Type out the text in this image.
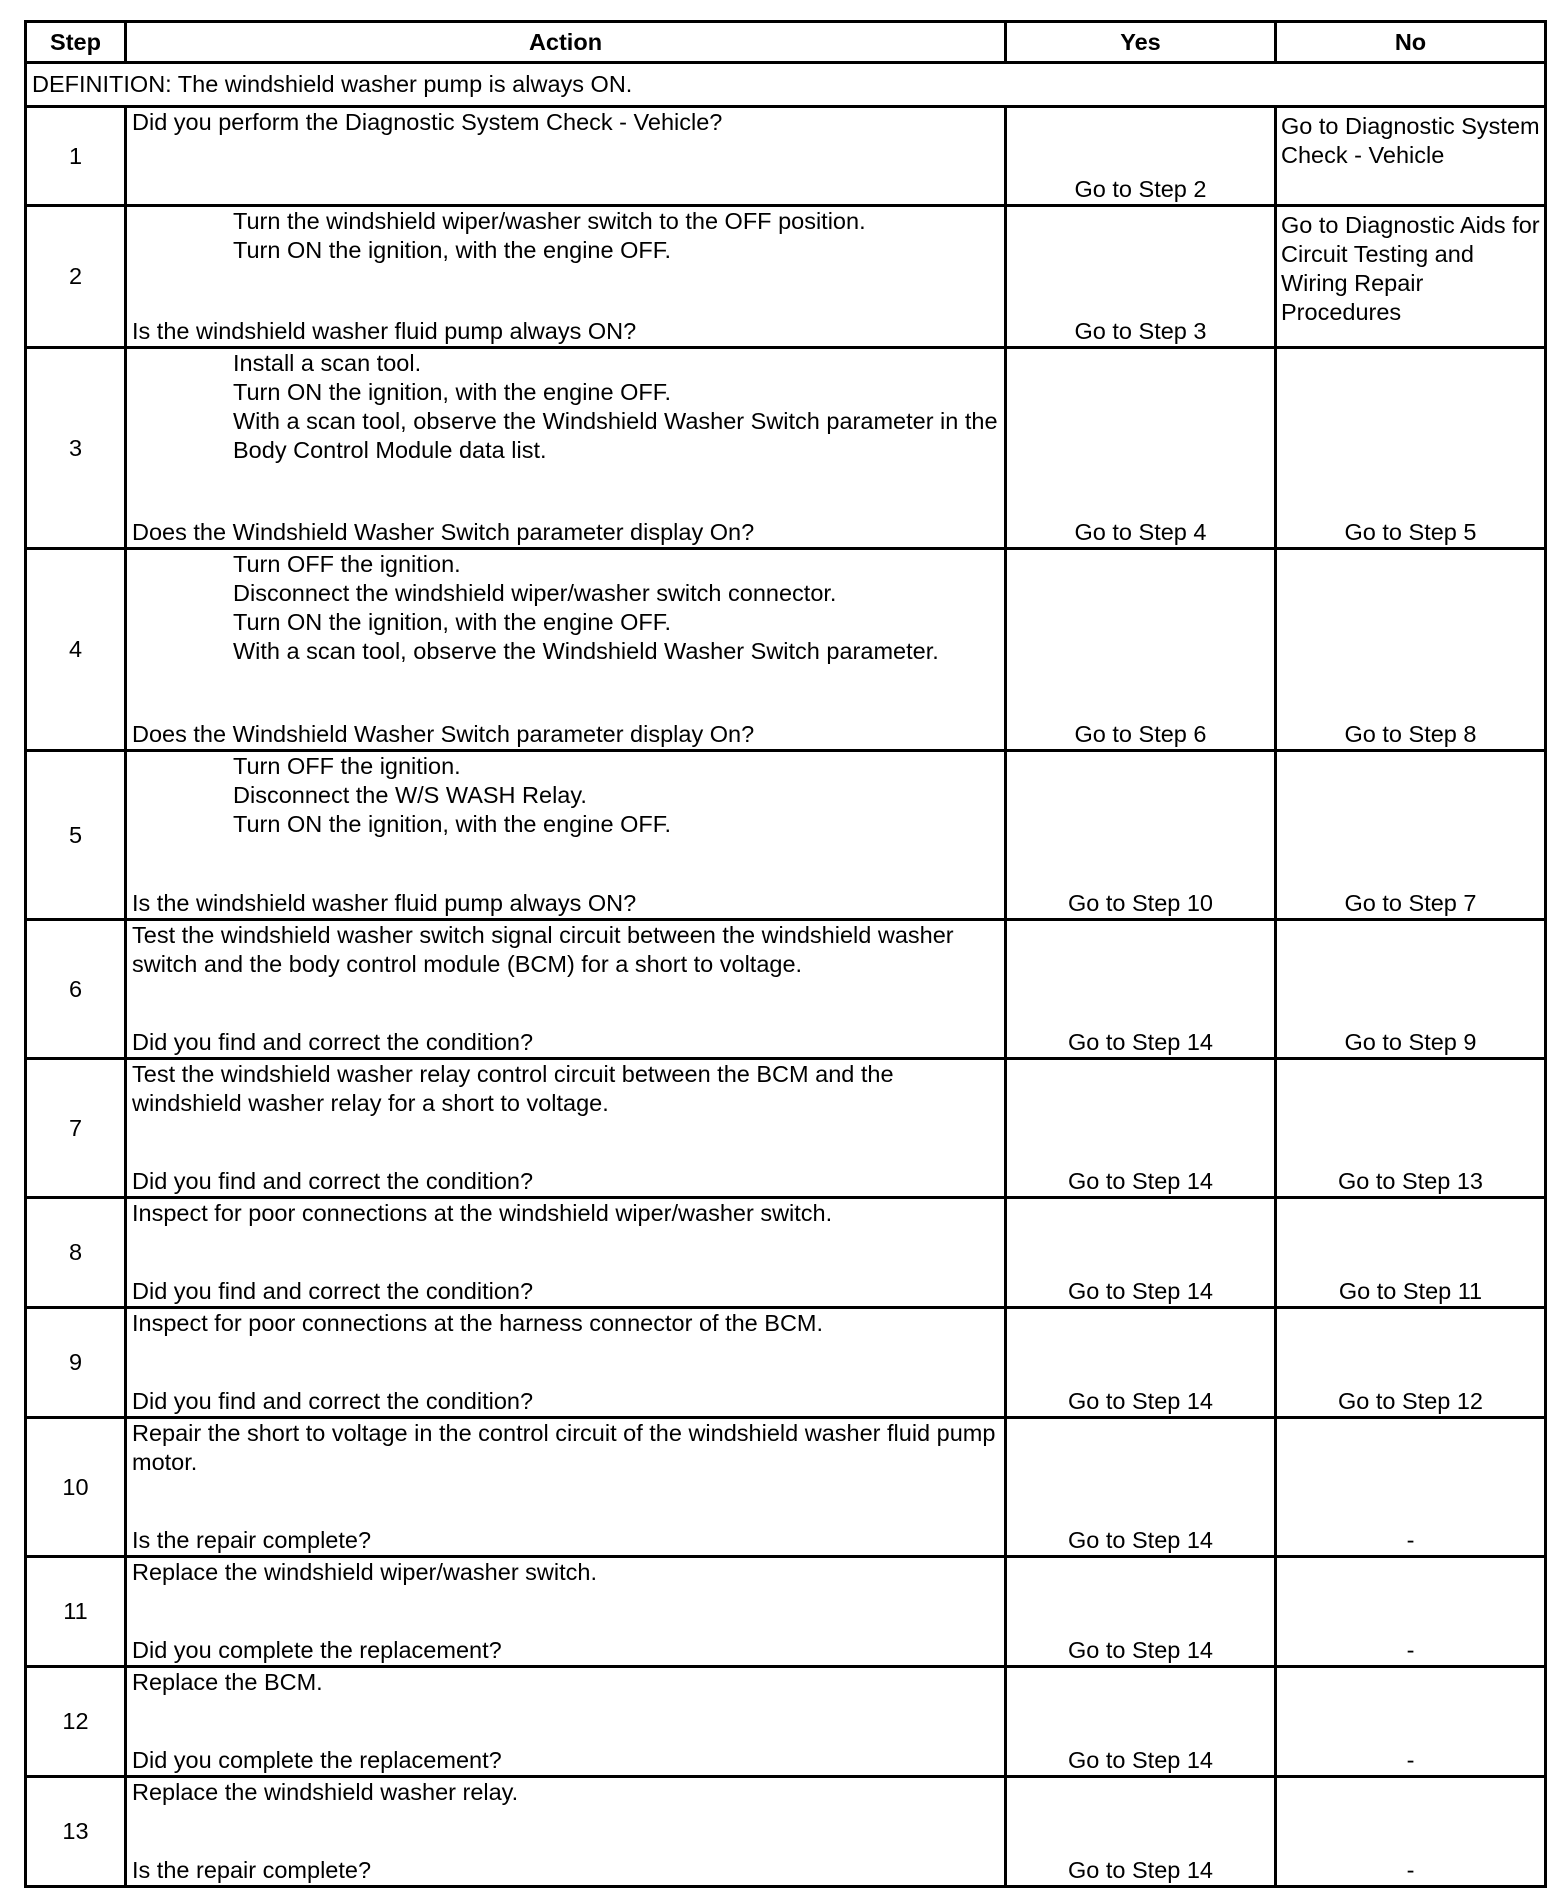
Step	Action	Yes	No
DEFINITION: The windshield washer pump is always ON.			
1	Did you perform the Diagnostic System Check - Vehicle?	Go to Step 2	Go to Diagnostic System Check - Vehicle
2	Turn the windshield wiper/washer switch to the OFF position.
Turn ON the ignition, with the engine OFF.
Is the windshield washer fluid pump always ON?	Go to Step 3	Go to Diagnostic Aids for Circuit Testing and Wiring Repair Procedures
3	Install a scan tool.
Turn ON the ignition, with the engine OFF.
With a scan tool, observe the Windshield Washer Switch parameter in the Body Control Module data list.
Does the Windshield Washer Switch parameter display On?	Go to Step 4	Go to Step 5
4	Turn OFF the ignition.
Disconnect the windshield wiper/washer switch connector.
Turn ON the ignition, with the engine OFF.
With a scan tool, observe the Windshield Washer Switch parameter.
Does the Windshield Washer Switch parameter display On?	Go to Step 6	Go to Step 8
5	Turn OFF the ignition.
Disconnect the W/S WASH Relay.
Turn ON the ignition, with the engine OFF.
Is the windshield washer fluid pump always ON?	Go to Step 10	Go to Step 7
6	Test the windshield washer switch signal circuit between the windshield washer switch and the body control module (BCM) for a short to voltage.
Did you find and correct the condition?	Go to Step 14	Go to Step 9
7	Test the windshield washer relay control circuit between the BCM and the windshield washer relay for a short to voltage.
Did you find and correct the condition?	Go to Step 14	Go to Step 13
8	Inspect for poor connections at the windshield wiper/washer switch.
Did you find and correct the condition?	Go to Step 14	Go to Step 11
9	Inspect for poor connections at the harness connector of the BCM.
Did you find and correct the condition?	Go to Step 14	Go to Step 12
10	Repair the short to voltage in the control circuit of the windshield washer fluid pump motor.
Is the repair complete?	Go to Step 14	-
11	Replace the windshield wiper/washer switch.
Did you complete the replacement?	Go to Step 14	-
12	Replace the BCM.
Did you complete the replacement?	Go to Step 14	-
13	Replace the windshield washer relay.
Is the repair complete?	Go to Step 14	-
